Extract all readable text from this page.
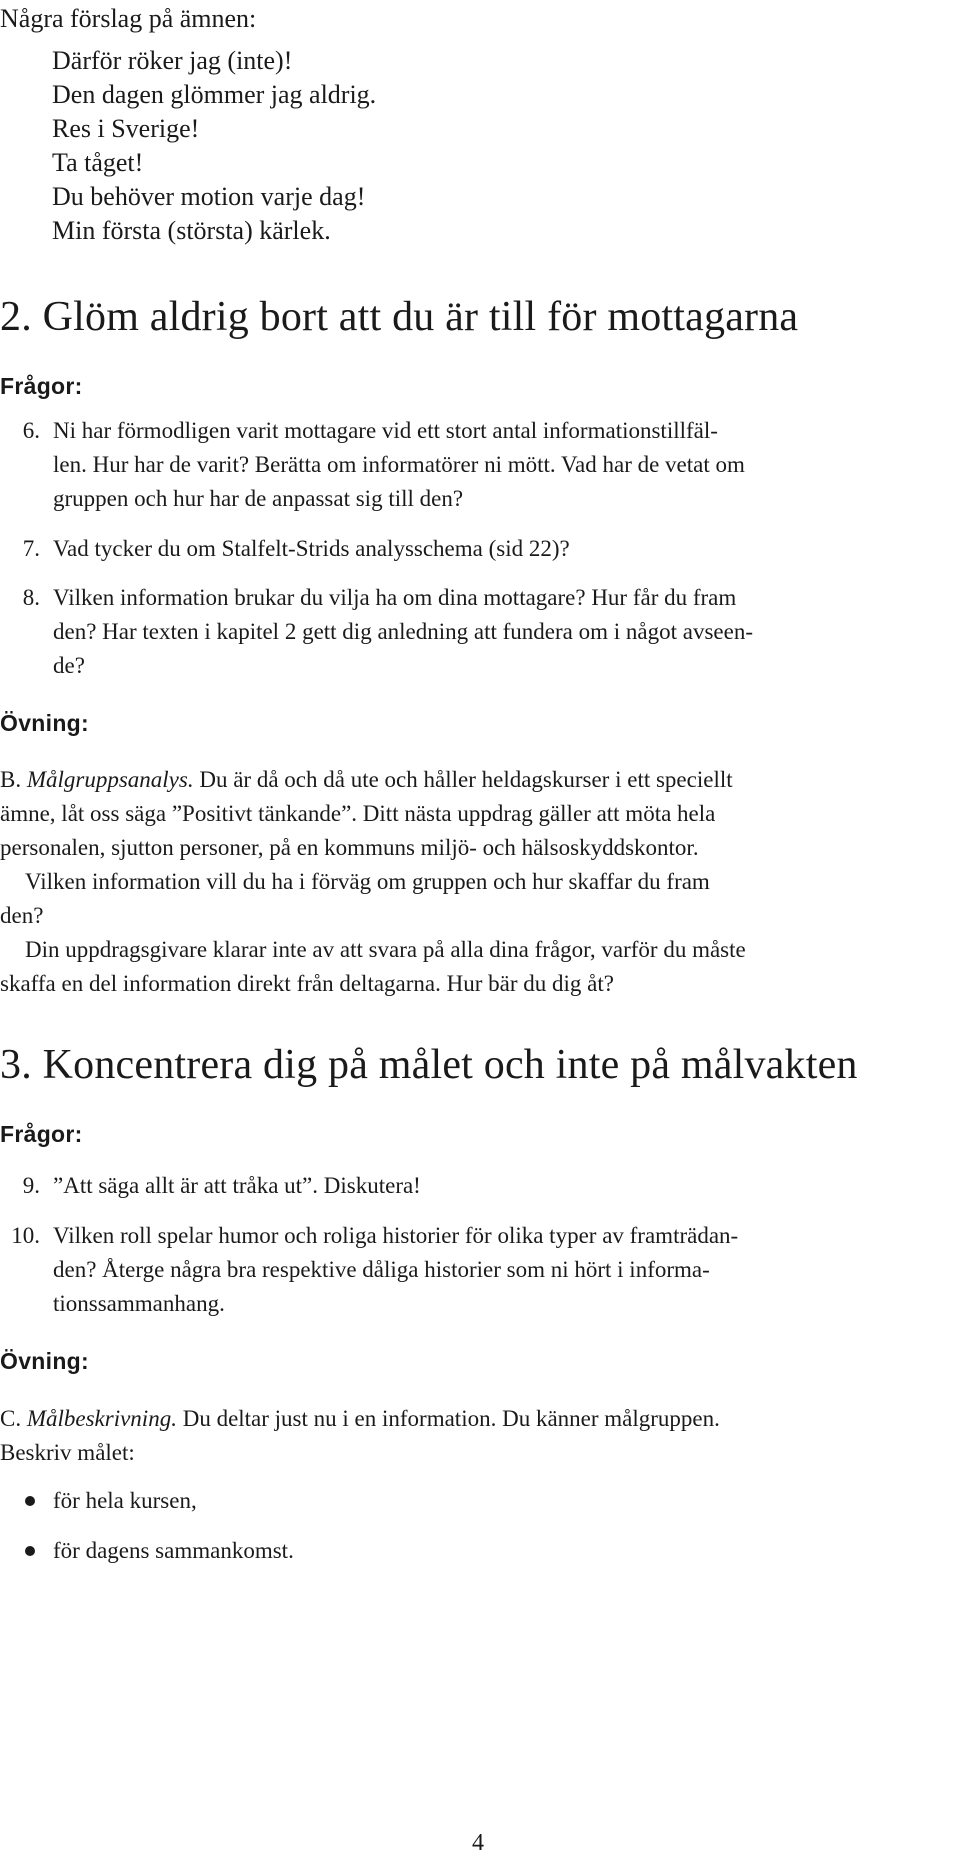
Några förslag på ämnen:
Därför röker jag (inte)!
Den dagen glömmer jag aldrig.
Res i Sverige!
Ta tåget!
Du behöver motion varje dag!
Min första (största) kärlek.
2. Glöm aldrig bort att du är till för mottagarna
Frågor:
6. Ni har förmodligen varit mottagare vid ett stort antal informationstillfäl-
len. Hur har de varit? Berätta om informatörer ni mött. Vad har de vetat om
gruppen och hur har de anpassat sig till den?
7. Vad tycker du om Stalfelt-Strids analysschema (sid 22)?
8. Vilken information brukar du vilja ha om dina mottagare? Hur får du fram
den? Har texten i kapitel 2 gett dig anledning att fundera om i något avseen-
de?
Övning:
B. Målgruppsanalys. Du är då och då ute och håller heldagskurser i ett speciellt
ämne, låt oss säga ”Positivt tänkande”. Ditt nästa uppdrag gäller att möta hela
personalen, sjutton personer, på en kommuns miljö- och hälsoskyddskontor.
Vilken information vill du ha i förväg om gruppen och hur skaffar du fram
den?
Din uppdragsgivare klarar inte av att svara på alla dina frågor, varför du måste
skaffa en del information direkt från deltagarna. Hur bär du dig åt?
3. Koncentrera dig på målet och inte på målvakten
Frågor:
9. ”Att säga allt är att tråka ut”. Diskutera!
10. Vilken roll spelar humor och roliga historier för olika typer av framträdan-
den? Återge några bra respektive dåliga historier som ni hört i informa-
tionssammanhang.
Övning:
C. Målbeskrivning. Du deltar just nu i en information. Du känner målgruppen.
Beskriv målet:
för hela kursen,
för dagens sammankomst.
4
